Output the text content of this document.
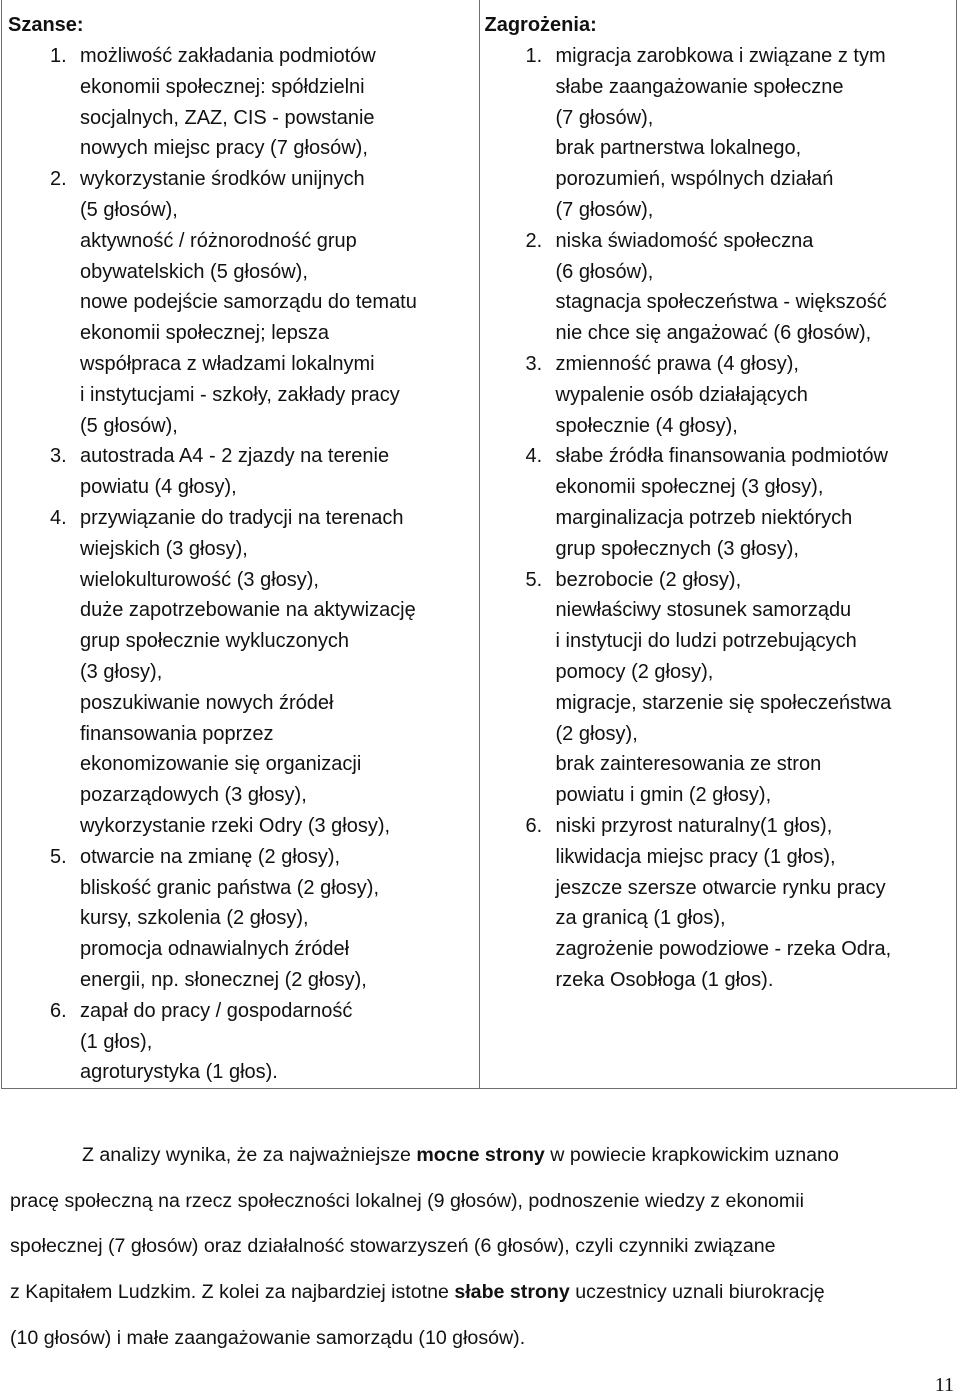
Szanse:
1. możliwość zakładania podmiotów
ekonomii społecznej: spółdzielni
socjalnych, ZAZ, CIS - powstanie
nowych miejsc pracy (7 głosów),
2. wykorzystanie środków unijnych
(5 głosów),
aktywność / różnorodność grup
obywatelskich (5 głosów),
nowe podejście samorządu do tematu
ekonomii społecznej; lepsza
współpraca z władzami lokalnymi
i instytucjami - szkoły, zakłady pracy
(5 głosów),
3. autostrada A4 - 2 zjazdy na terenie
powiatu (4 głosy),
4. przywiązanie do tradycji na terenach
wiejskich (3 głosy),
wielokulturowość (3 głosy),
duże zapotrzebowanie na aktywizację
grup społecznie wykluczonych
(3 głosy),
poszukiwanie nowych źródeł
finansowania poprzez
ekonomizowanie się organizacji
pozarządowych (3 głosy),
wykorzystanie rzeki Odry (3 głosy),
5. otwarcie na zmianę (2 głosy),
bliskość granic państwa (2 głosy),
kursy, szkolenia (2 głosy),
promocja odnawialnych źródeł
energii, np. słonecznej (2 głosy),
6. zapał do pracy / gospodarność
(1 głos),
agroturystyka (1 głos).
Zagrożenia:
1. migracja zarobkowa i związane z tym
słabe zaangażowanie społeczne
(7 głosów),
brak partnerstwa lokalnego,
porozumień, wspólnych działań
(7 głosów),
2. niska świadomość społeczna
(6 głosów),
stagnacja społeczeństwa - większość
nie chce się angażować (6 głosów),
3. zmienność prawa (4 głosy),
wypalenie osób działających
społecznie (4 głosy),
4. słabe źródła finansowania podmiotów
ekonomii społecznej (3 głosy),
marginalizacja potrzeb niektórych
grup społecznych (3 głosy),
5. bezrobocie (2 głosy),
niewłaściwy stosunek samorządu
i instytucji do ludzi potrzebujących
pomocy (2 głosy),
migracje, starzenie się społeczeństwa
(2 głosy),
brak zainteresowania ze stron
powiatu i gmin (2 głosy),
6. niski przyrost naturalny(1 głos),
likwidacja miejsc pracy (1 głos),
jeszcze szersze otwarcie rynku pracy
za granicą (1 głos),
zagrożenie powodziowe - rzeka Odra,
rzeka Osobłoga (1 głos).

Z analizy wynika, że za najważniejsze mocne strony w powiecie krapkowickim uznano
pracę społeczną na rzecz społeczności lokalnej (9 głosów), podnoszenie wiedzy z ekonomii
społecznej (7 głosów) oraz działalność stowarzyszeń (6 głosów), czyli czynniki związane
z Kapitałem Ludzkim. Z kolei za najbardziej istotne słabe strony uczestnicy uznali biurokrację
(10 głosów) i małe zaangażowanie samorządu (10 głosów).

11
